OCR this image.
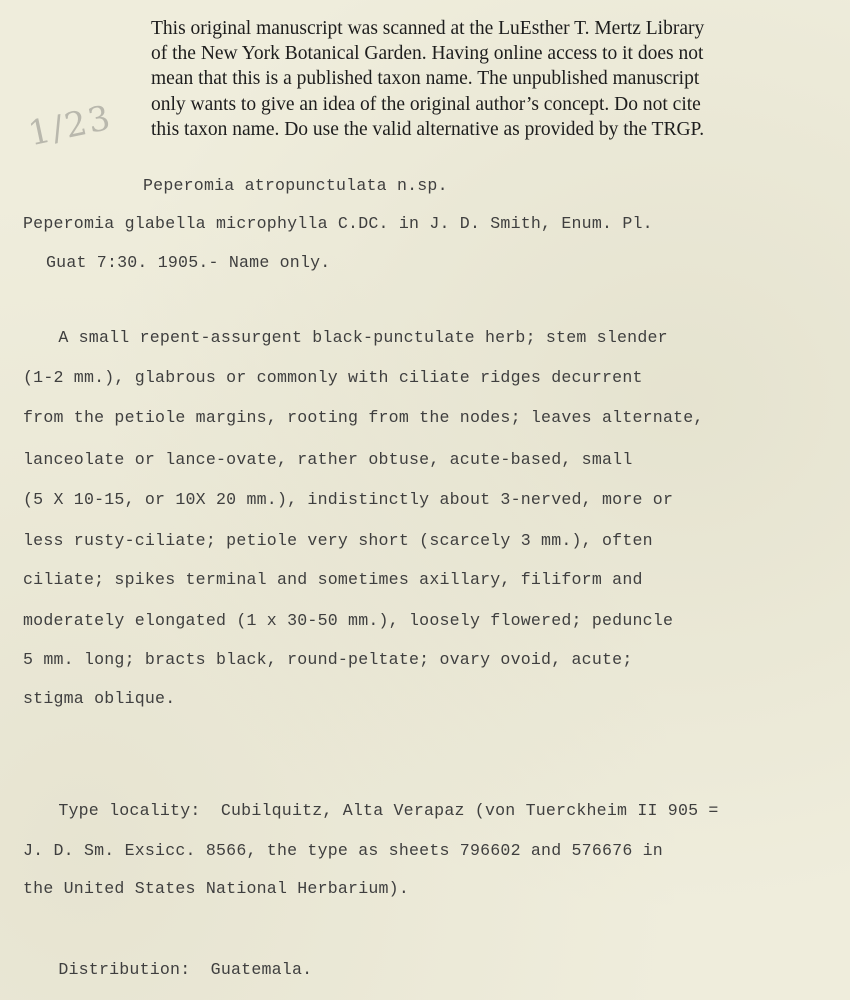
This original manuscript was scanned at the LuEsther T. Mertz Library
of the New York Botanical Garden. Having online access to it does not
mean that this is a published taxon name. The unpublished manuscript
only wants to give an idea of the original author’s concept. Do not cite
this taxon name. Do use the valid alternative as provided by the TRGP.
1/23
Peperomia atropunctulata n.sp.
Peperomia glabella microphylla C.DC. in J. D. Smith, Enum. Pl.
Guat 7:30. 1905.- Name only.
A small repent-assurgent black-punctulate herb; stem slender
(1-2 mm.), glabrous or commonly with ciliate ridges decurrent
from the petiole margins, rooting from the nodes; leaves alternate,
lanceolate or lance-ovate, rather obtuse, acute-based, small
(5 X 10-15, or 10X 20 mm.), indistinctly about 3-nerved, more or
less rusty-ciliate; petiole very short (scarcely 3 mm.), often
ciliate; spikes terminal and sometimes axillary, filiform and
moderately elongated (1 x 30-50 mm.), loosely flowered; peduncle
5 mm. long; bracts black, round-peltate; ovary ovoid, acute;
stigma oblique.
Type locality:  Cubilquitz, Alta Verapaz (von Tuerckheim II 905 =
J. D. Sm. Exsicc. 8566, the type as sheets 796602 and 576676 in
the United States National Herbarium).
Distribution:  Guatemala.
